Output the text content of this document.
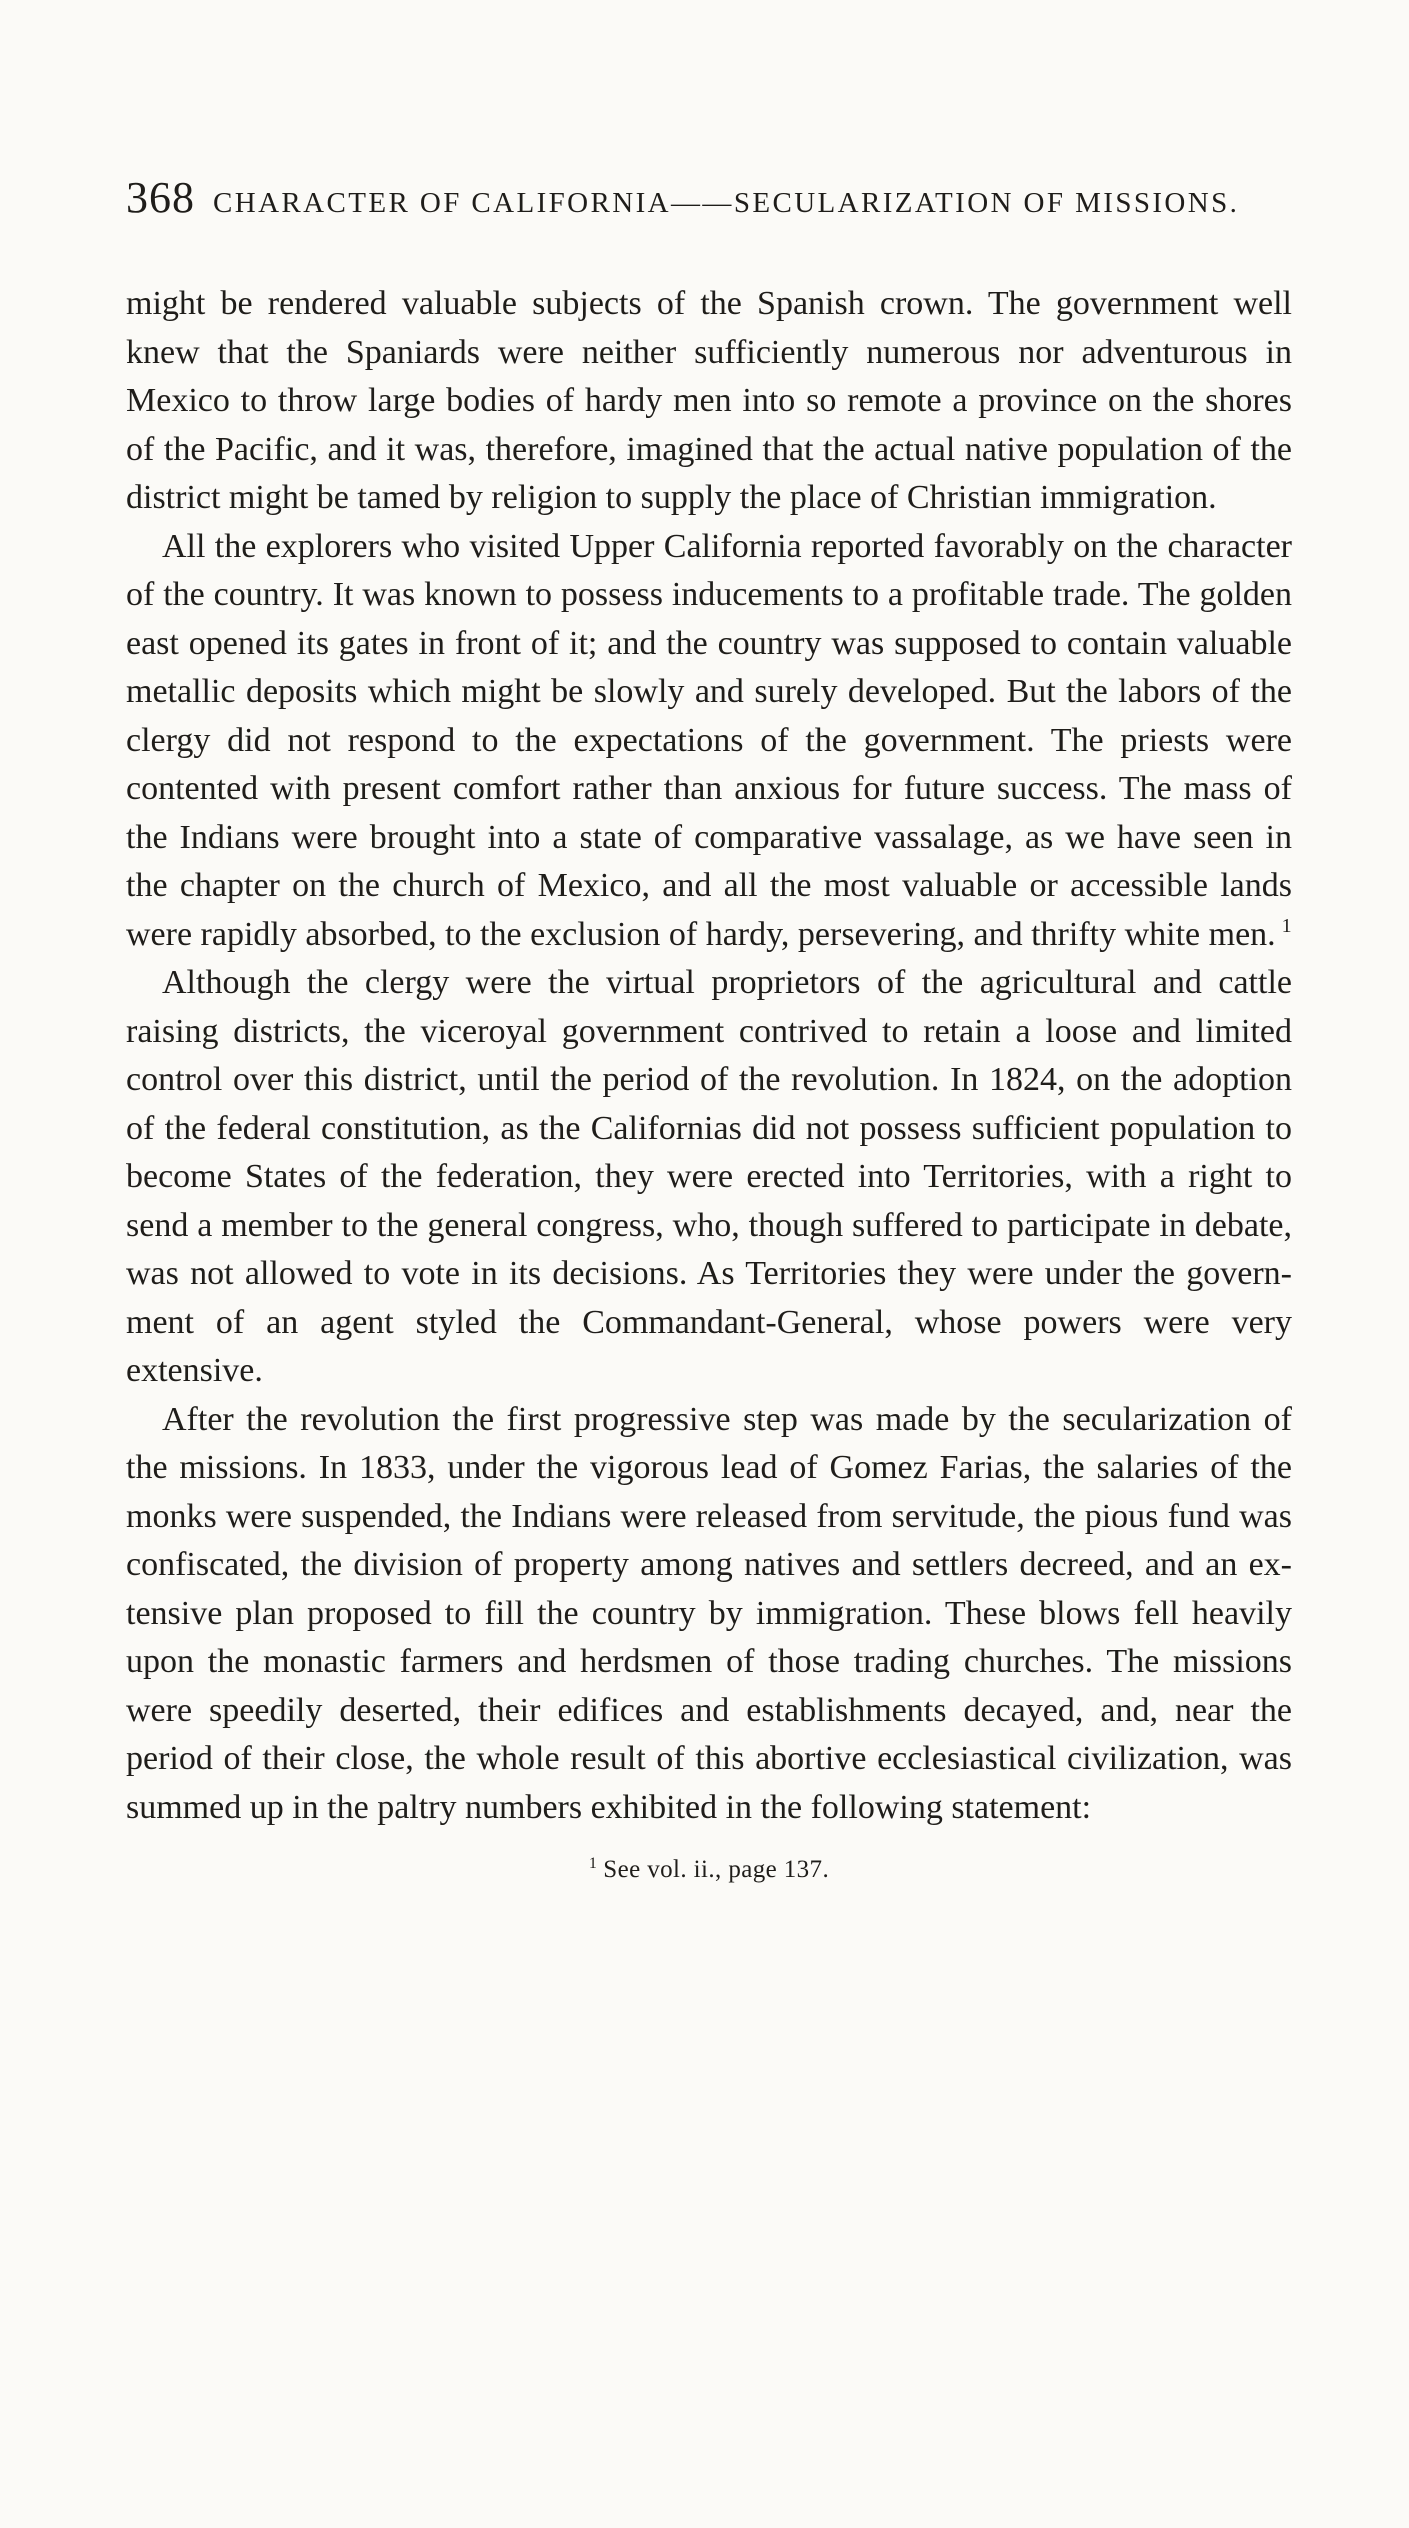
368 CHARACTER OF CALIFORNIA——SECULARIZATION OF MISSIONS.

might be rendered valuable subjects of the Spanish crown. The government well knew that the Spaniards were neither sufficiently numerous nor adventurous in Mexico to throw large bodies of hardy men into so remote a province on the shores of the Pacific, and it was, therefore, imagined that the actual native population of the district might be tamed by religion to supply the place of Christian immigration.

All the explorers who visited Upper California reported favorably on the character of the country. It was known to possess inducements to a profitable trade. The golden east opened its gates in front of it; and the country was supposed to contain valuable metallic deposits which might be slowly and surely developed. But the labors of the clergy did not respond to the expectations of the government. The priests were contented with present comfort rather than anxious for future success. The mass of the Indians were brought into a state of comparative vassalage, as we have seen in the chapter on the church of Mexico, and all the most valuable or accessible lands were rapidly absorbed, to the exclusion of hardy, persevering, and thrifty white men. $^1$

Although the clergy were the virtual proprietors of the agricultural and cattle raising districts, the viceroyal government contrived to retain a loose and limited control over this district, until the period of the revolution. In 1824, on the adoption of the federal constitution, as the Californias did not possess sufficient population to become States of the federation, they were erected into Territories, with a right to send a member to the general congress, who, though suffered to participate in debate, was not allowed to vote in its decisions. As Territories they were under the government of an agent styled the Commandant-General, whose powers were very extensive.

After the revolution the first progressive step was made by the secularization of the missions. In 1833, under the vigorous lead of Gomez Farias, the salaries of the monks were suspended, the Indians were released from servitude, the pious fund was confiscated, the division of property among natives and settlers decreed, and an extensive plan proposed to fill the country by immigration. These blows fell heavily upon the monastic farmers and herdsmen of those trading churches. The missions were speedily deserted, their edifices and establishments decayed, and, near the period of their close, the whole result of this abortive ecclesiastical civilization, was summed up in the paltry numbers exhibited in the following statement:

$^1$ See vol. ii., page 137.
